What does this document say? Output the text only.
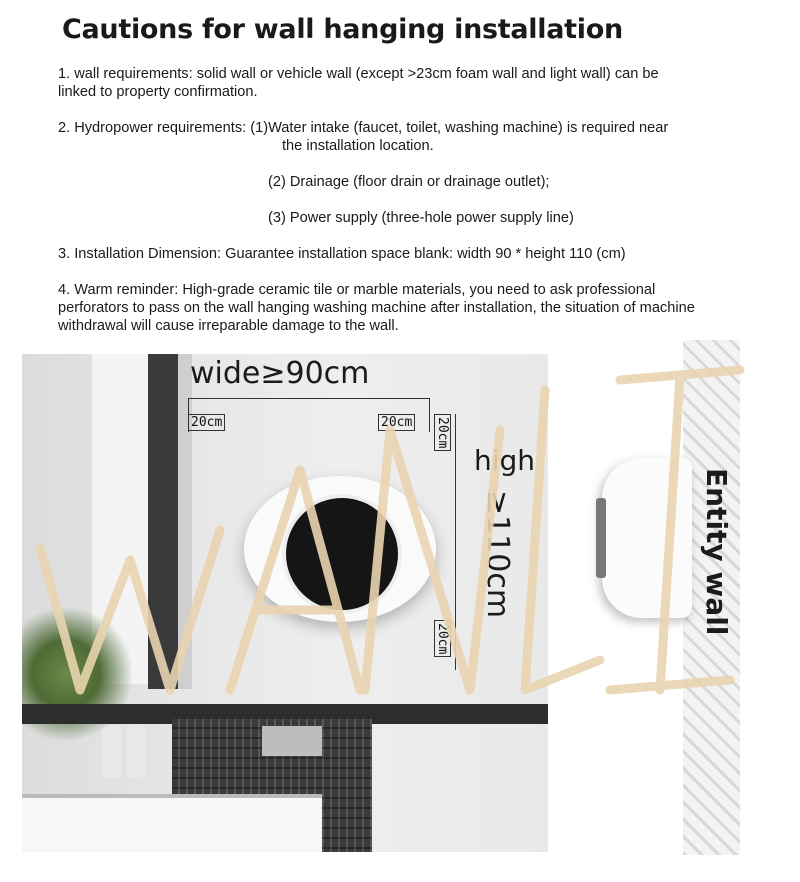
Cautions for wall hanging installation
1. wall requirements: solid wall or vehicle wall (except >23cm foam wall and light wall) can be
linked to property confirmation.
2. Hydropower requirements: (1)Water intake (faucet, toilet, washing machine) is required near
the installation location.
(2) Drainage (floor drain or drainage outlet);
(3) Power supply (three-hole power supply line)
3. Installation Dimension: Guarantee installation space blank: width 90 * height 110 (cm)
4. Warm reminder: High-grade ceramic tile or marble materials, you need to ask professional
perforators to pass on the wall hanging washing machine after installation, the situation of machine
withdrawal will cause irreparable damage to the wall.
wide≥90cm
20cm	20cm 20cm
20cm
high
≥110cm	Entity wall
